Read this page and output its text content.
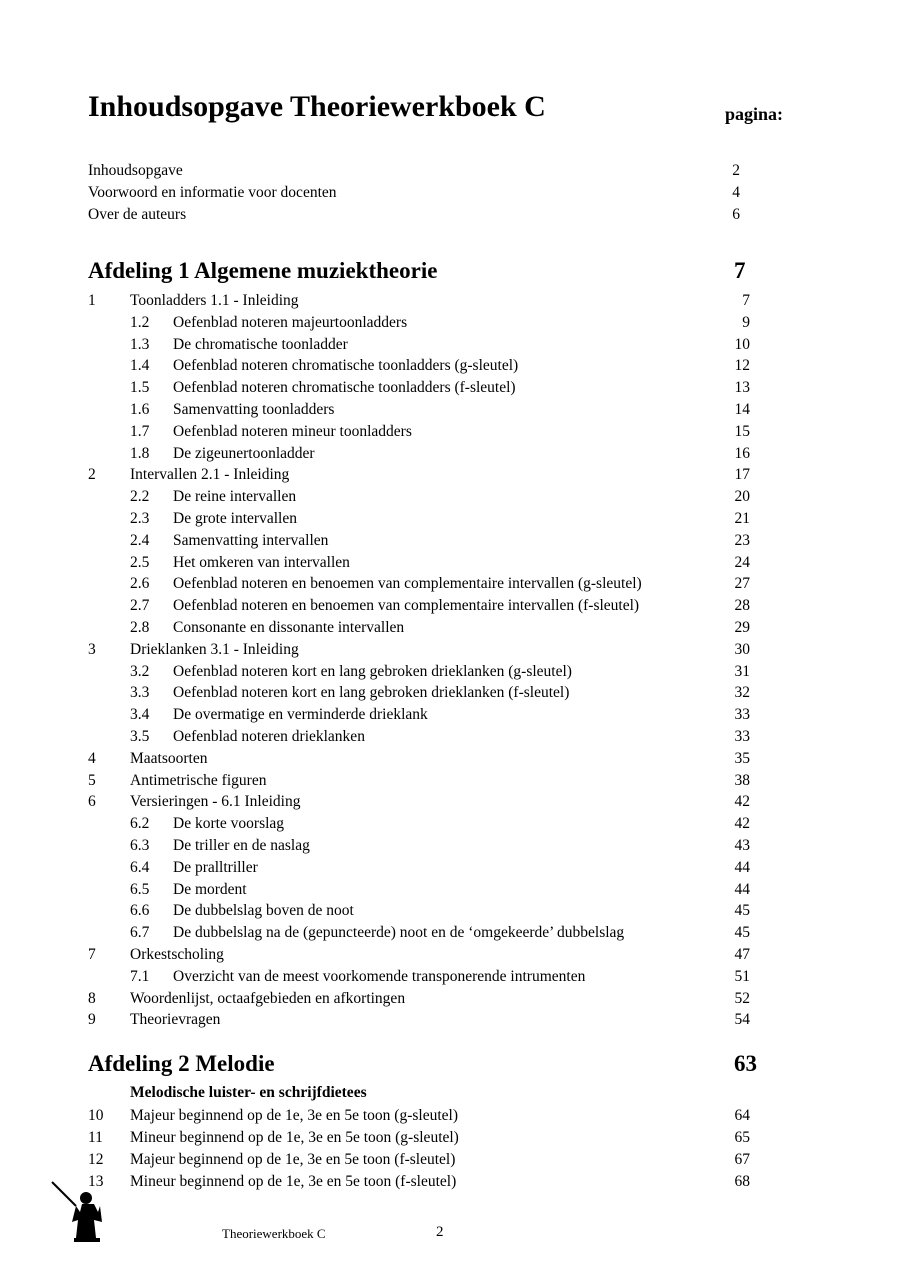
Inhoudsopgave Theoriewerkboek C	pagina:
Inhoudsopgave	2
Voorwoord en informatie voor docenten	4
Over de auteurs	6
Afdeling 1 Algemene muziektheorie	7
1 Toonladders 1.1 - Inleiding	7
1.2 Oefenblad noteren majeurtoonladders	9
1.3 De chromatische toonladder	10
1.4 Oefenblad noteren chromatische toonladders (g-sleutel)	12
1.5 Oefenblad noteren chromatische toonladders (f-sleutel)	13
1.6 Samenvatting toonladders	14
1.7 Oefenblad noteren mineur toonladders	15
1.8 De zigeunertoonladder	16
2 Intervallen 2.1 - Inleiding	17
2.2 De reine intervallen	20
2.3 De grote intervallen	21
2.4 Samenvatting intervallen	23
2.5 Het omkeren van intervallen	24
2.6 Oefenblad noteren en benoemen van complementaire intervallen (g-sleutel)	27
2.7 Oefenblad noteren en benoemen van complementaire intervallen (f-sleutel)	28
2.8 Consonante en dissonante intervallen	29
3 Drieklanken 3.1 - Inleiding	30
3.2 Oefenblad noteren kort en lang gebroken drieklanken (g-sleutel)	31
3.3 Oefenblad noteren kort en lang gebroken drieklanken (f-sleutel)	32
3.4 De overmatige en verminderde drieklank	33
3.5 Oefenblad noteren drieklanken	33
4 Maatsoorten	35
5 Antimetrische figuren	38
6 Versieringen - 6.1 Inleiding	42
6.2 De korte voorslag	42
6.3 De triller en de naslag	43
6.4 De pralltriller	44
6.5 De mordent	44
6.6 De dubbelslag boven de noot	45
6.7 De dubbelslag na de (gepuncteerde) noot en de ‘omgekeerde’ dubbelslag	45
7 Orkestscholing	47
7.1 Overzicht van de meest voorkomende transponerende intrumenten	51
8 Woordenlijst, octaafgebieden en afkortingen	52
9 Theorievragen	54
Afdeling 2 Melodie	63
Melodische luister- en schrijfdietees
10 Majeur beginnend op de 1e, 3e en 5e toon (g-sleutel)	64
11 Mineur beginnend op de 1e, 3e en 5e toon (g-sleutel)	65
12 Majeur beginnend op de 1e, 3e en 5e toon (f-sleutel)	67
13 Mineur beginnend op de 1e, 3e en 5e toon (f-sleutel)	68
Theoriewerkboek C	2
